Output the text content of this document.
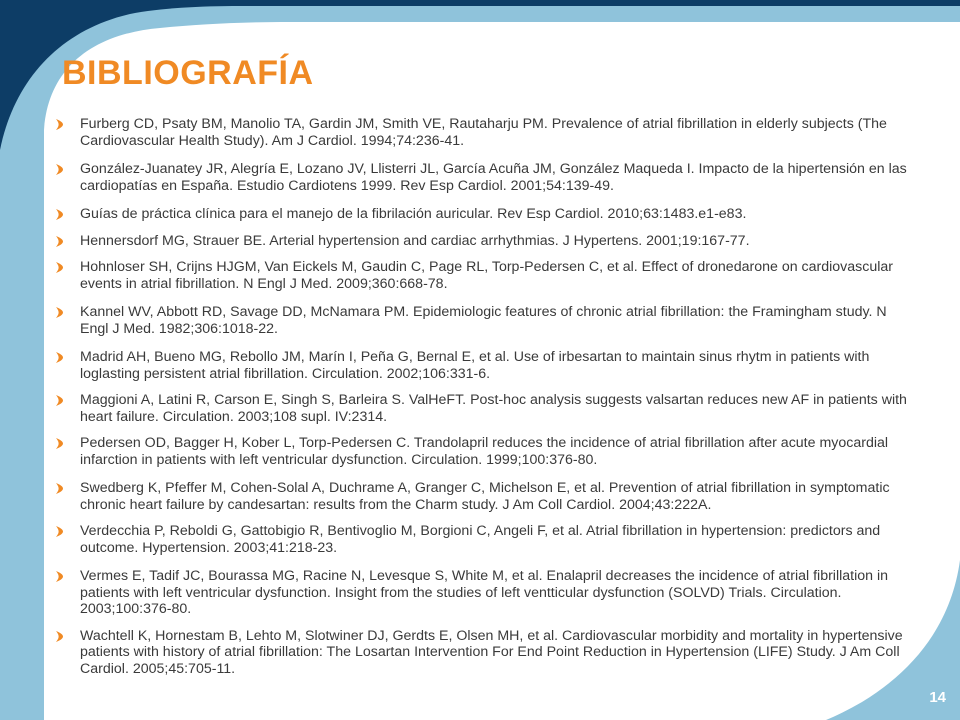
BIBLIOGRAFÍA
Furberg CD, Psaty BM, Manolio TA, Gardin JM, Smith VE, Rautaharju PM. Prevalence of atrial fibrillation in elderly subjects (The Cardiovascular Health Study). Am J Cardiol. 1994;74:236-41.
González-Juanatey JR, Alegría E, Lozano JV, Llisterri JL, García Acuña JM, González Maqueda I. Impacto de la hipertensión en las cardiopatías en España. Estudio Cardiotens 1999. Rev Esp Cardiol. 2001;54:139-49.
Guías de práctica clínica para el manejo de la fibrilación auricular. Rev Esp Cardiol. 2010;63:1483.e1-e83.
Hennersdorf MG, Strauer BE. Arterial hypertension and cardiac arrhythmias. J Hypertens. 2001;19:167-77.
Hohnloser SH, Crijns HJGM, Van Eickels M, Gaudin C, Page RL, Torp-Pedersen C, et al. Effect of dronedarone on cardiovascular events in atrial fibrillation. N Engl J Med. 2009;360:668-78.
Kannel WV, Abbott RD, Savage DD, McNamara PM. Epidemiologic features of chronic atrial fibrillation: the Framingham study. N Engl J Med. 1982;306:1018-22.
Madrid AH, Bueno MG, Rebollo JM, Marín I, Peña G, Bernal E, et al. Use of irbesartan to maintain sinus rhytm in patients with loglasting persistent atrial fibrillation. Circulation. 2002;106:331-6.
Maggioni A, Latini R, Carson E, Singh S, Barleira S. ValHeFT. Post-hoc analysis suggests valsartan reduces new AF in patients with heart failure. Circulation. 2003;108 supl. IV:2314.
Pedersen OD, Bagger H, Kober L, Torp-Pedersen C. Trandolapril reduces the incidence of atrial fibrillation after acute myocardial infarction in patients with left ventricular dysfunction. Circulation. 1999;100:376-80.
Swedberg K, Pfeffer M, Cohen-Solal A, Duchrame A, Granger C, Michelson E, et al. Prevention of atrial fibrillation in symptomatic chronic heart failure by candesartan: results from the Charm study. J Am Coll Cardiol. 2004;43:222A.
Verdecchia P, Reboldi G, Gattobigio R, Bentivoglio M, Borgioni C, Angeli F, et al. Atrial fibrillation in hypertension: predictors and outcome. Hypertension. 2003;41:218-23.
Vermes E, Tadif JC, Bourassa MG, Racine N, Levesque S, White M, et al. Enalapril decreases the incidence of atrial fibrillation in patients with left ventricular dysfunction. Insight from the studies of left ventticular dysfunction (SOLVD) Trials. Circulation. 2003;100:376-80.
Wachtell K, Hornestam B, Lehto M, Slotwiner DJ, Gerdts E, Olsen MH, et al. Cardiovascular morbidity and mortality in hypertensive patients with history of atrial fibrillation: The Losartan Intervention For End Point Reduction in Hypertension (LIFE) Study. J Am Coll Cardiol. 2005;45:705-11.
14
